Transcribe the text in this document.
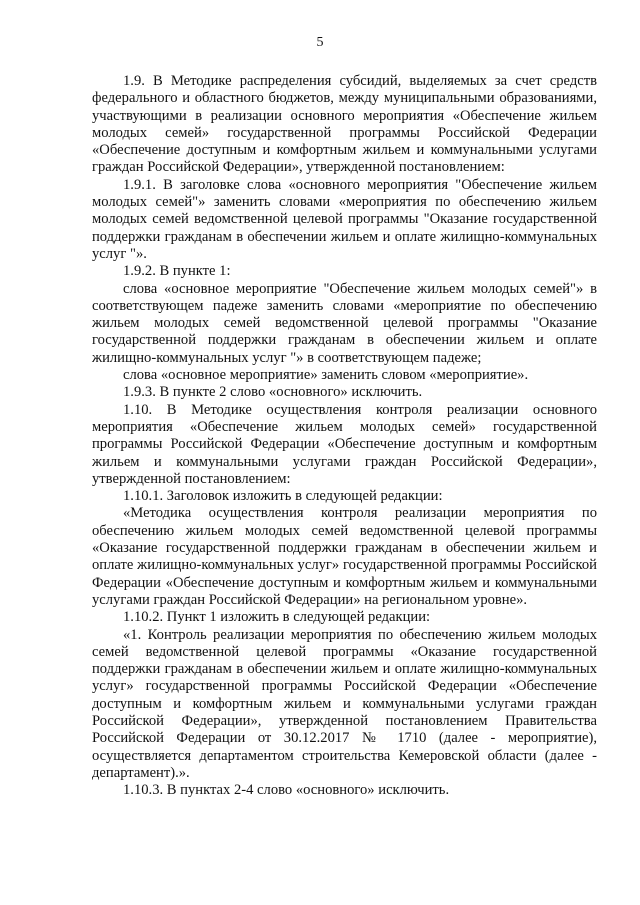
5

1.9. В Методике распределения субсидий, выделяемых за счет средств федерального и областного бюджетов, между муниципальными образованиями, участвующими в реализации основного мероприятия «Обеспечение жильем молодых семей» государственной программы Российской Федерации «Обеспечение доступным и комфортным жильем и коммунальными услугами граждан Российской Федерации», утвержденной постановлением:

1.9.1. В заголовке слова «основного мероприятия "Обеспечение жильем молодых семей"» заменить словами «мероприятия по обеспечению жильем молодых семей ведомственной целевой программы "Оказание государственной поддержки гражданам в обеспечении жильем и оплате жилищно-коммунальных услуг "».

1.9.2. В пункте 1:

слова «основное мероприятие "Обеспечение жильем молодых семей"» в соответствующем падеже заменить словами «мероприятие по обеспечению жильем молодых семей ведомственной целевой программы "Оказание государственной поддержки гражданам в обеспечении жильем и оплате жилищно-коммунальных услуг "» в соответствующем падеже;

слова «основное мероприятие» заменить словом «мероприятие».

1.9.3. В пункте 2 слово «основного» исключить.

1.10. В Методике осуществления контроля реализации основного мероприятия «Обеспечение жильем молодых семей» государственной программы Российской Федерации «Обеспечение доступным и комфортным жильем и коммунальными услугами граждан Российской Федерации», утвержденной постановлением:

1.10.1. Заголовок изложить в следующей редакции:

«Методика осуществления контроля реализации мероприятия по обеспечению жильем молодых семей ведомственной целевой программы «Оказание государственной поддержки гражданам в обеспечении жильем и оплате жилищно-коммунальных услуг» государственной программы Российской Федерации «Обеспечение доступным и комфортным жильем и коммунальными услугами граждан Российской Федерации» на региональном уровне».

1.10.2. Пункт 1 изложить в следующей редакции:

«1. Контроль реализации мероприятия по обеспечению жильем молодых семей ведомственной целевой программы «Оказание государственной поддержки гражданам в обеспечении жильем и оплате жилищно-коммунальных услуг» государственной программы Российской Федерации «Обеспечение доступным и комфортным жильем и коммунальными услугами граждан Российской Федерации», утвержденной постановлением Правительства Российской Федерации от 30.12.2017 № 1710 (далее - мероприятие), осуществляется департаментом строительства Кемеровской области (далее - департамент).».

1.10.3. В пунктах 2-4 слово «основного» исключить.
